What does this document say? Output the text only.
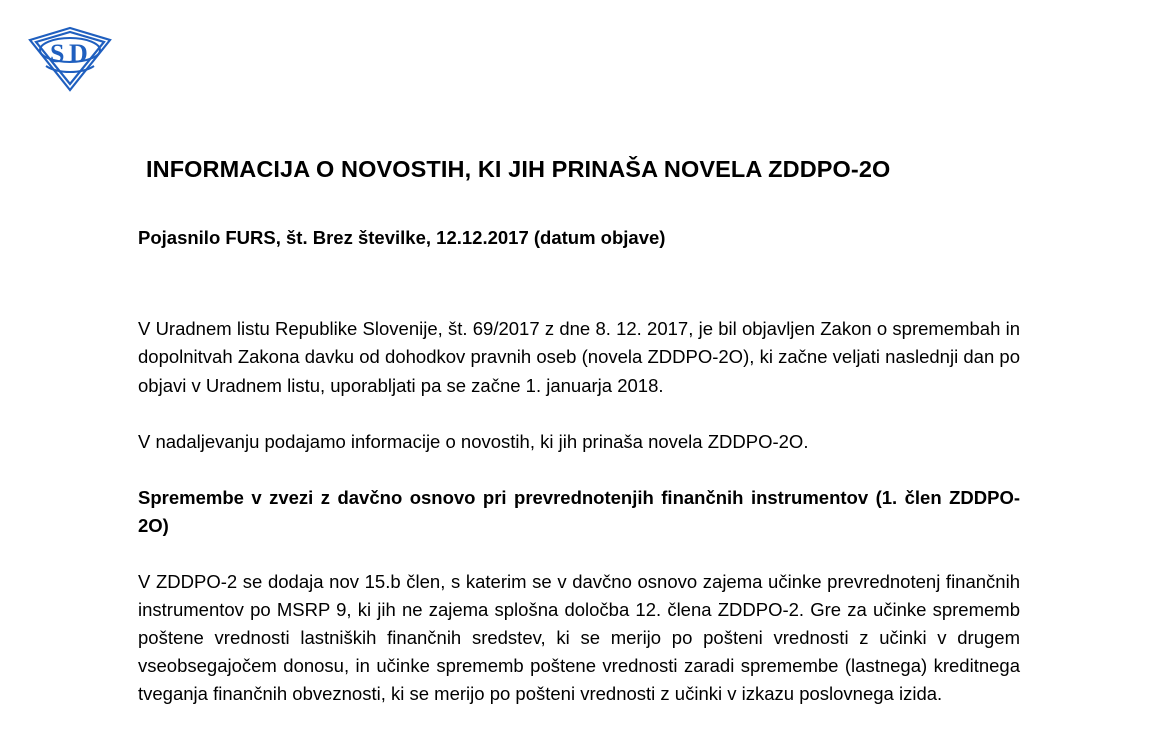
S D
INFORMACIJA O NOVOSTIH, KI JIH PRINAŠA NOVELA ZDDPO-2O
Pojasnilo FURS, št. Brez številke, 12.12.2017 (datum objave)

V Uradnem listu Republike Slovenije, št. 69/2017 z dne 8. 12. 2017, je bil objavljen Zakon o spremembah in dopolnitvah Zakona davku od dohodkov pravnih oseb (novela ZDDPO-2O), ki začne veljati naslednji dan po objavi v Uradnem listu, uporabljati pa se začne 1. januarja 2018.

V nadaljevanju podajamo informacije o novostih, ki jih prinaša novela ZDDPO-2O.

Spremembe v zvezi z davčno osnovo pri prevrednotenjih finančnih instrumentov (1. člen ZDDPO-2O)

V ZDDPO-2 se dodaja nov 15.b člen, s katerim se v davčno osnovo zajema učinke prevrednotenj finančnih instrumentov po MSRP 9, ki jih ne zajema splošna določba 12. člena ZDDPO-2. Gre za učinke sprememb poštene vrednosti lastniških finančnih sredstev, ki se merijo po pošteni vrednosti z učinki v drugem vseobsegajočem donosu, in učinke sprememb poštene vrednosti zaradi spremembe (lastnega) kreditnega tveganja finančnih obveznosti, ki se merijo po pošteni vrednosti z učinki v izkazu poslovnega izida.
